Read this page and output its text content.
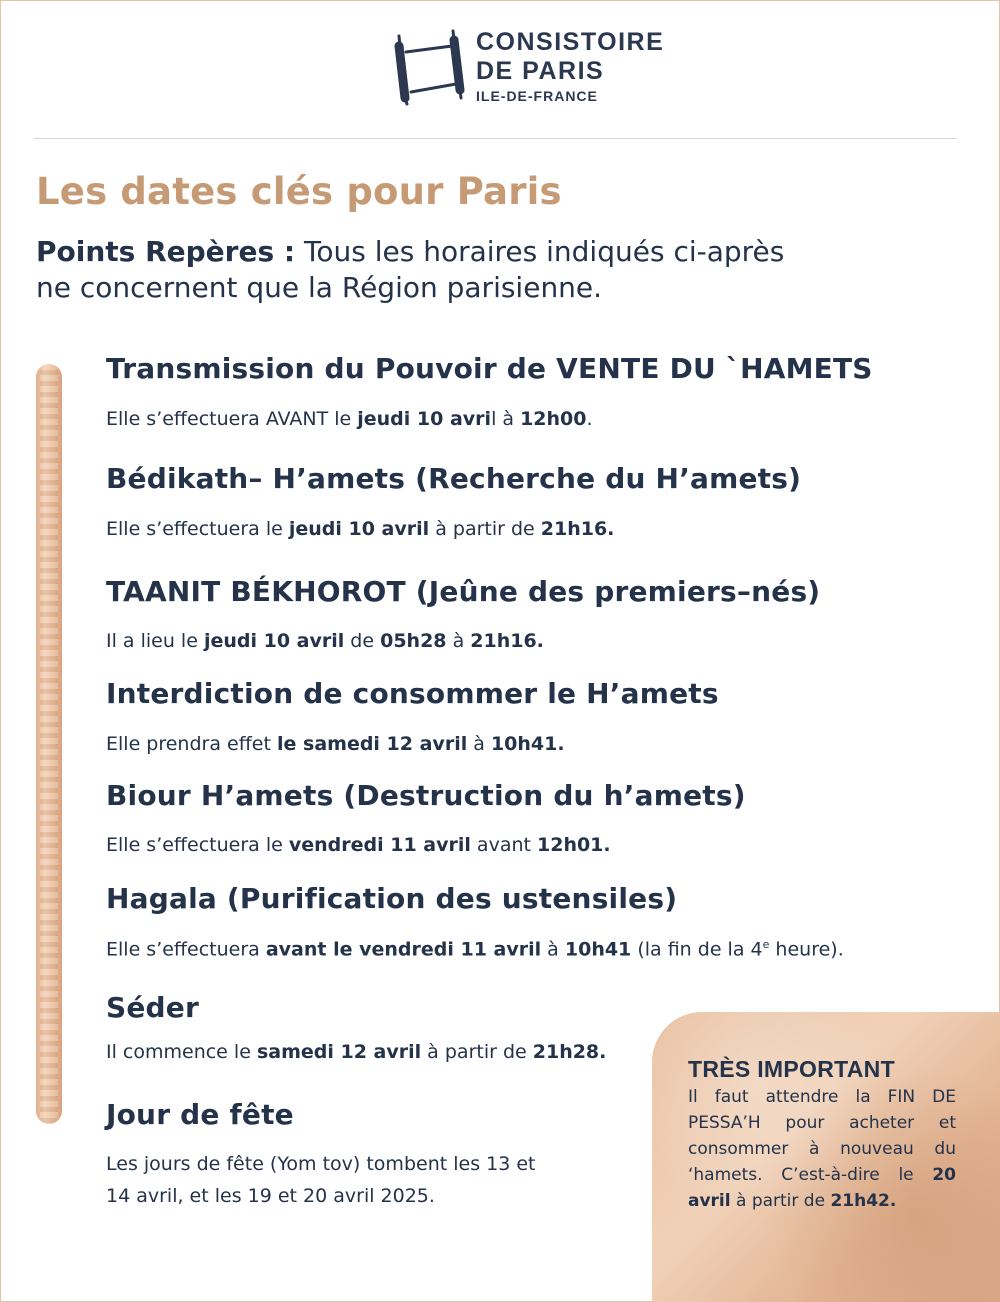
CONSISTOIRE
DE PARIS
ILE-DE-FRANCE
Les dates clés pour Paris

Points Repères : Tous les horaires indiqués ci-après ne concernent que la Région parisienne.

Transmission du Pouvoir de VENTE DU `HAMETS

Elle s’effectuera AVANT le jeudi 10 avril à 12h00.

Bédikath– H’amets (Recherche du H’amets)

Elle s’effectuera le jeudi 10 avril à partir de 21h16.

TAANIT BÉKHOROT (Jeûne des premiers–nés)

Il a lieu le jeudi 10 avril de 05h28 à 21h16.

Interdiction de consommer le H’amets

Elle prendra effet le samedi 12 avril à 10h41.

Biour H’amets (Destruction du h’amets)

Elle s’effectuera le vendredi 11 avril avant 12h01.

Hagala (Purification des ustensiles)

Elle s’effectuera avant le vendredi 11 avril à 10h41 (la fin de la 4e heure).

Séder

Il commence le samedi 12 avril à partir de 21h28.

Jour de fête

Les jours de fête (Yom tov) tombent les 13 et 14 avril, et les 19 et 20 avril 2025.

TRÈS IMPORTANT

Il faut attendre la FIN DE PESSA’H pour acheter et consommer à nouveau du ‘hamets. C’est-à-dire le 20 avril à partir de 21h42.
